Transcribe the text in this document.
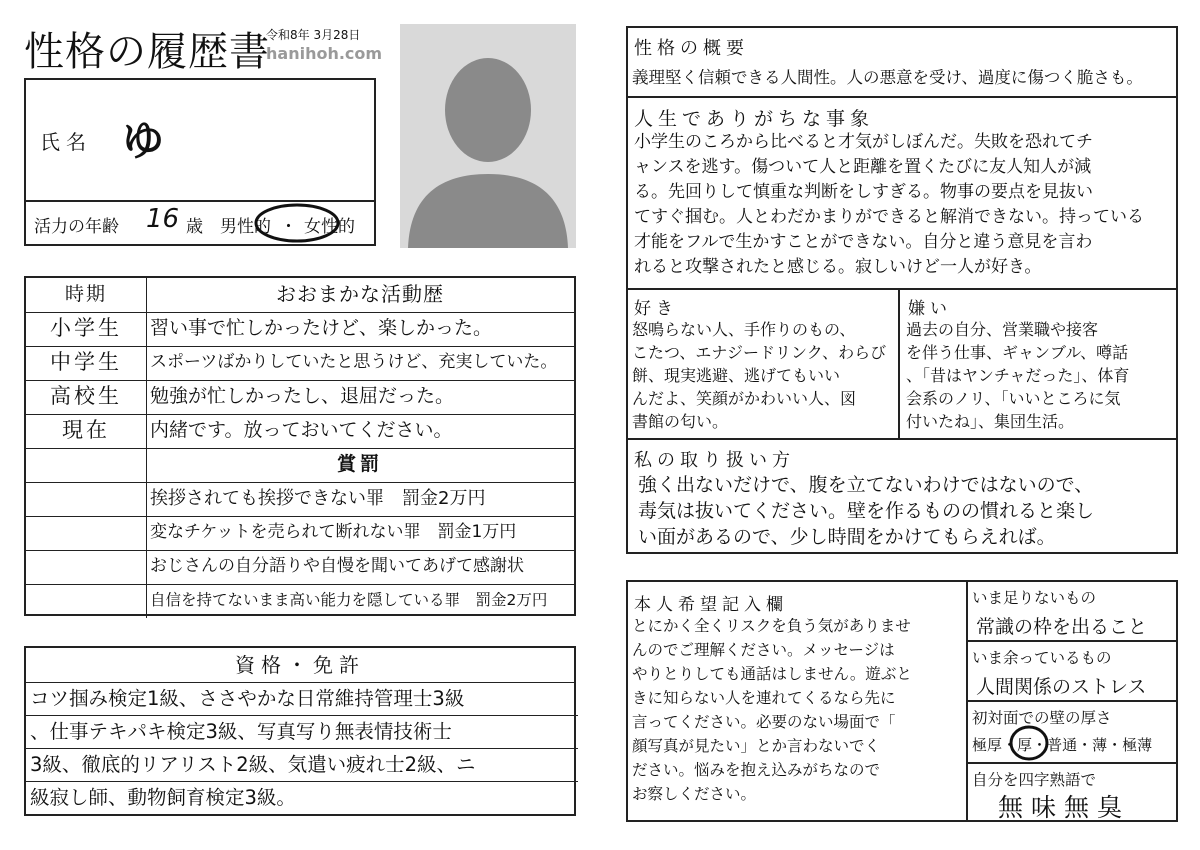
性格の履歴書
令和8年 3月28日
hanihoh.com
氏名 ゆ
活力の年齢 16 歳 男性的 ・ 女性的
時期	おおまかな活動歴
小学生	習い事で忙しかったけど、楽しかった。
中学生	スポーツばかりしていたと思うけど、充実していた。
高校生	勉強が忙しかったし、退屈だった。
現在	内緒です。放っておいてください。
賞罰
挨拶されても挨拶できない罪　罰金2万円
変なチケットを売られて断れない罪　罰金1万円
おじさんの自分語りや自慢を聞いてあげて感謝状
自信を持てないまま高い能力を隠している罪　罰金2万円
資格・免許
コツ掴み検定1級、ささやかな日常維持管理士3級
、仕事テキパキ検定3級、写真写り無表情技術士
3級、徹底的リアリスト2級、気遣い疲れ士2級、ニ
級寂し師、動物飼育検定3級。
性格の概要
義理堅く信頼できる人間性。人の悪意を受け、過度に傷つく脆さも。
人生でありがちな事象
小学生のころから比べると才気がしぼんだ。失敗を恐れてチ
ャンスを逃す。傷ついて人と距離を置くたびに友人知人が減
る。先回りして慎重な判断をしすぎる。物事の要点を見抜い
てすぐ掴む。人とわだかまりができると解消できない。持っている
才能をフルで生かすことができない。自分と違う意見を言わ
れると攻撃されたと感じる。寂しいけど一人が好き。
好き
怒鳴らない人、手作りのもの、
こたつ、エナジードリンク、わらび
餅、現実逃避、逃げてもいい
んだよ、笑顔がかわいい人、図
書館の匂い。
嫌い
過去の自分、営業職や接客
を伴う仕事、ギャンブル、噂話
、「昔はヤンチャだった」、体育
会系のノリ、「いいところに気
付いたね」、集団生活。
私の取り扱い方
強く出ないだけで、腹を立てないわけではないので、
毒気は抜いてください。壁を作るものの慣れると楽し
い面があるので、少し時間をかけてもらえれば。
本人希望記入欄
とにかく全くリスクを負う気がありませ
んのでご理解ください。メッセージは
やりとりしても通話はしません。遊ぶと
きに知らない人を連れてくるなら先に
言ってください。必要のない場面で「
顔写真が見たい」とか言わないでく
ださい。悩みを抱え込みがちなので
お察しください。
いま足りないもの
常識の枠を出ること
いま余っているもの
人間関係のストレス
初対面での壁の厚さ
極厚・厚・普通・薄・極薄
自分を四字熟語で
無味無臭
